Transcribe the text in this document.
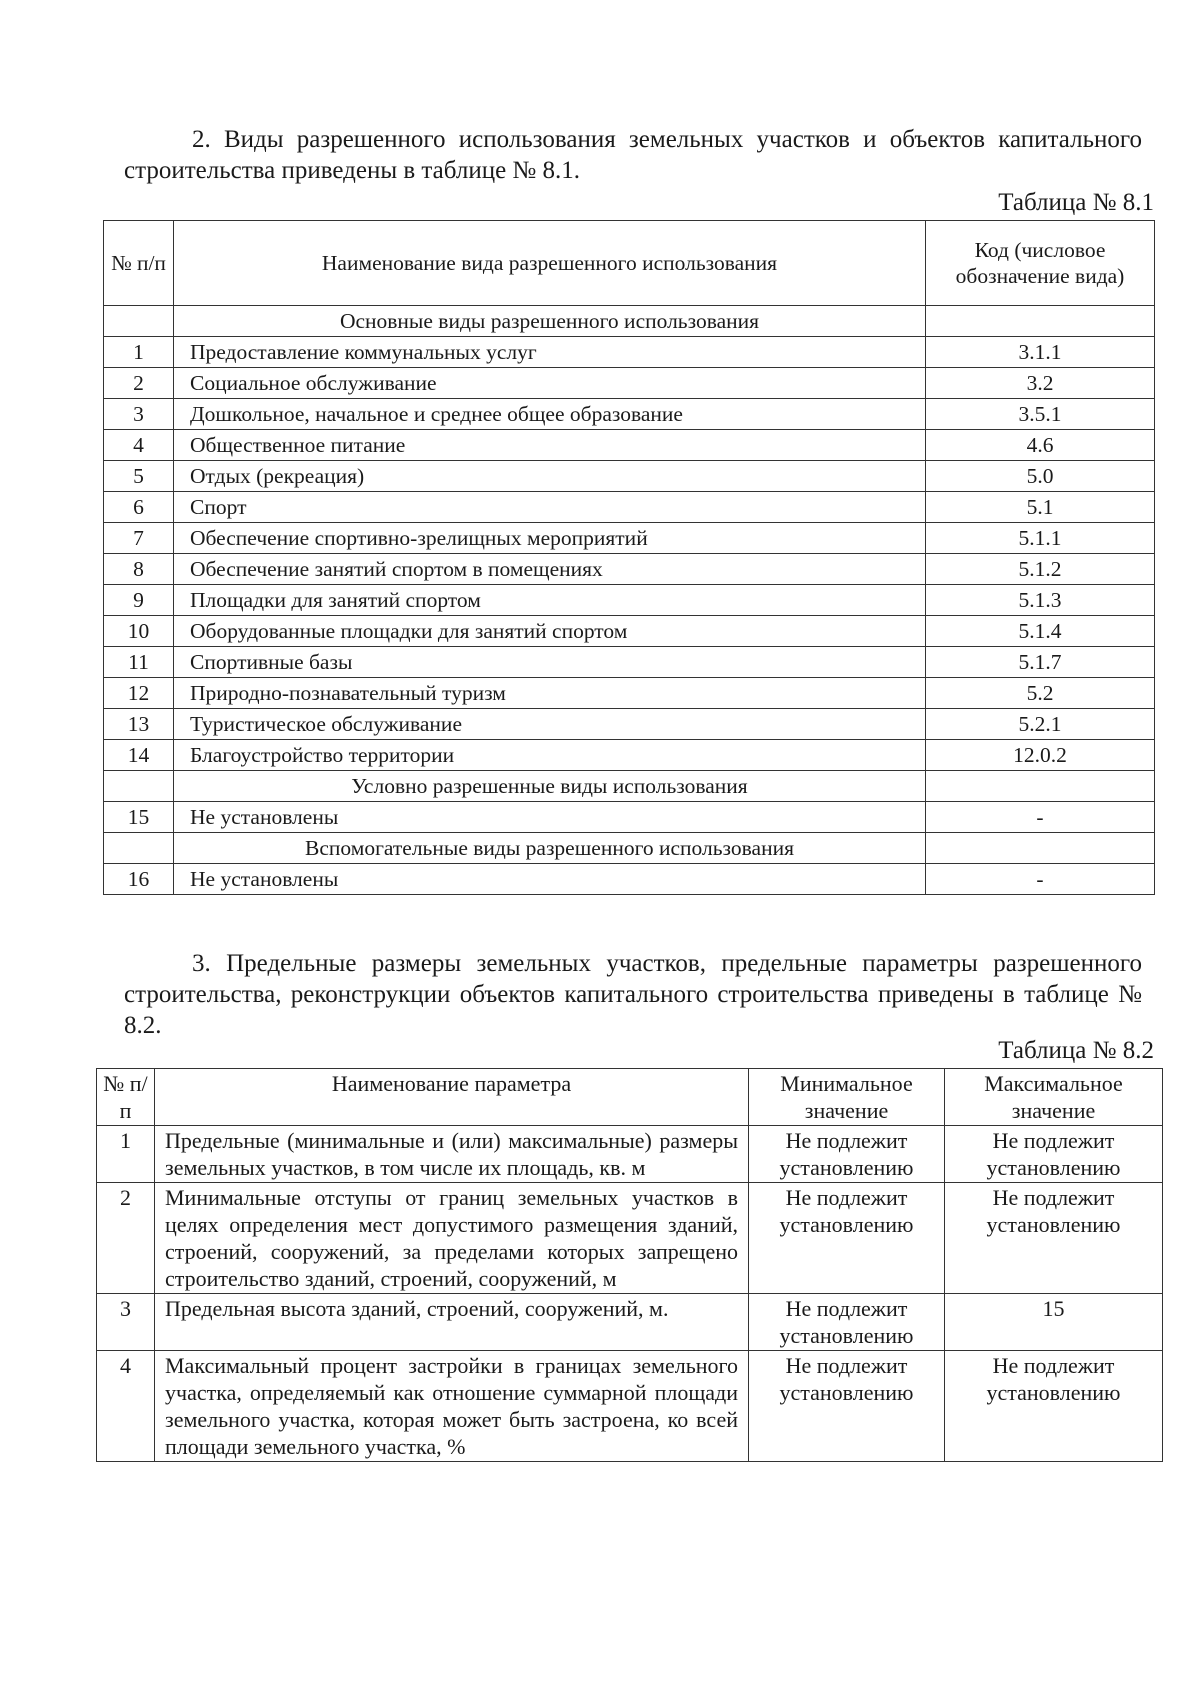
2. Виды разрешенного использования земельных участков и объектов капитального строительства приведены в таблице № 8.1.

Таблица № 8.1
№ п/п	Наименование вида разрешенного использования	Код (числовое обозначение вида)
	Основные виды разрешенного использования	
1	Предоставление коммунальных услуг	3.1.1
2	Социальное обслуживание	3.2
3	Дошкольное, начальное и среднее общее образование	3.5.1
4	Общественное питание	4.6
5	Отдых (рекреация)	5.0
6	Спорт	5.1
7	Обеспечение спортивно-зрелищных мероприятий	5.1.1
8	Обеспечение занятий спортом в помещениях	5.1.2
9	Площадки для занятий спортом	5.1.3
10	Оборудованные площадки для занятий спортом	5.1.4
11	Спортивные базы	5.1.7
12	Природно-познавательный туризм	5.2
13	Туристическое обслуживание	5.2.1
14	Благоустройство территории	12.0.2
	Условно разрешенные виды использования	
15	Не установлены	-
	Вспомогательные виды разрешенного использования	
16	Не установлены	-

3. Предельные размеры земельных участков, предельные параметры разрешенного строительства, реконструкции объектов капитального строительства приведены в таблице № 8.2.

Таблица № 8.2
№ п/п	Наименование параметра	Минимальное значение	Максимальное значение
1	Предельные (минимальные и (или) максимальные) размеры земельных участков, в том числе их площадь, кв. м	Не подлежит установлению	Не подлежит установлению
2	Минимальные отступы от границ земельных участков в целях определения мест допустимого размещения зданий, строений, сооружений, за пределами которых запрещено строительство зданий, строений, сооружений, м	Не подлежит установлению	Не подлежит установлению
3	Предельная высота зданий, строений, сооружений, м.	Не подлежит установлению	15
4	Максимальный процент застройки в границах земельного участка, определяемый как отношение суммарной площади земельного участка, которая может быть застроена, ко всей площади земельного участка, %	Не подлежит установлению	Не подлежит установлению
